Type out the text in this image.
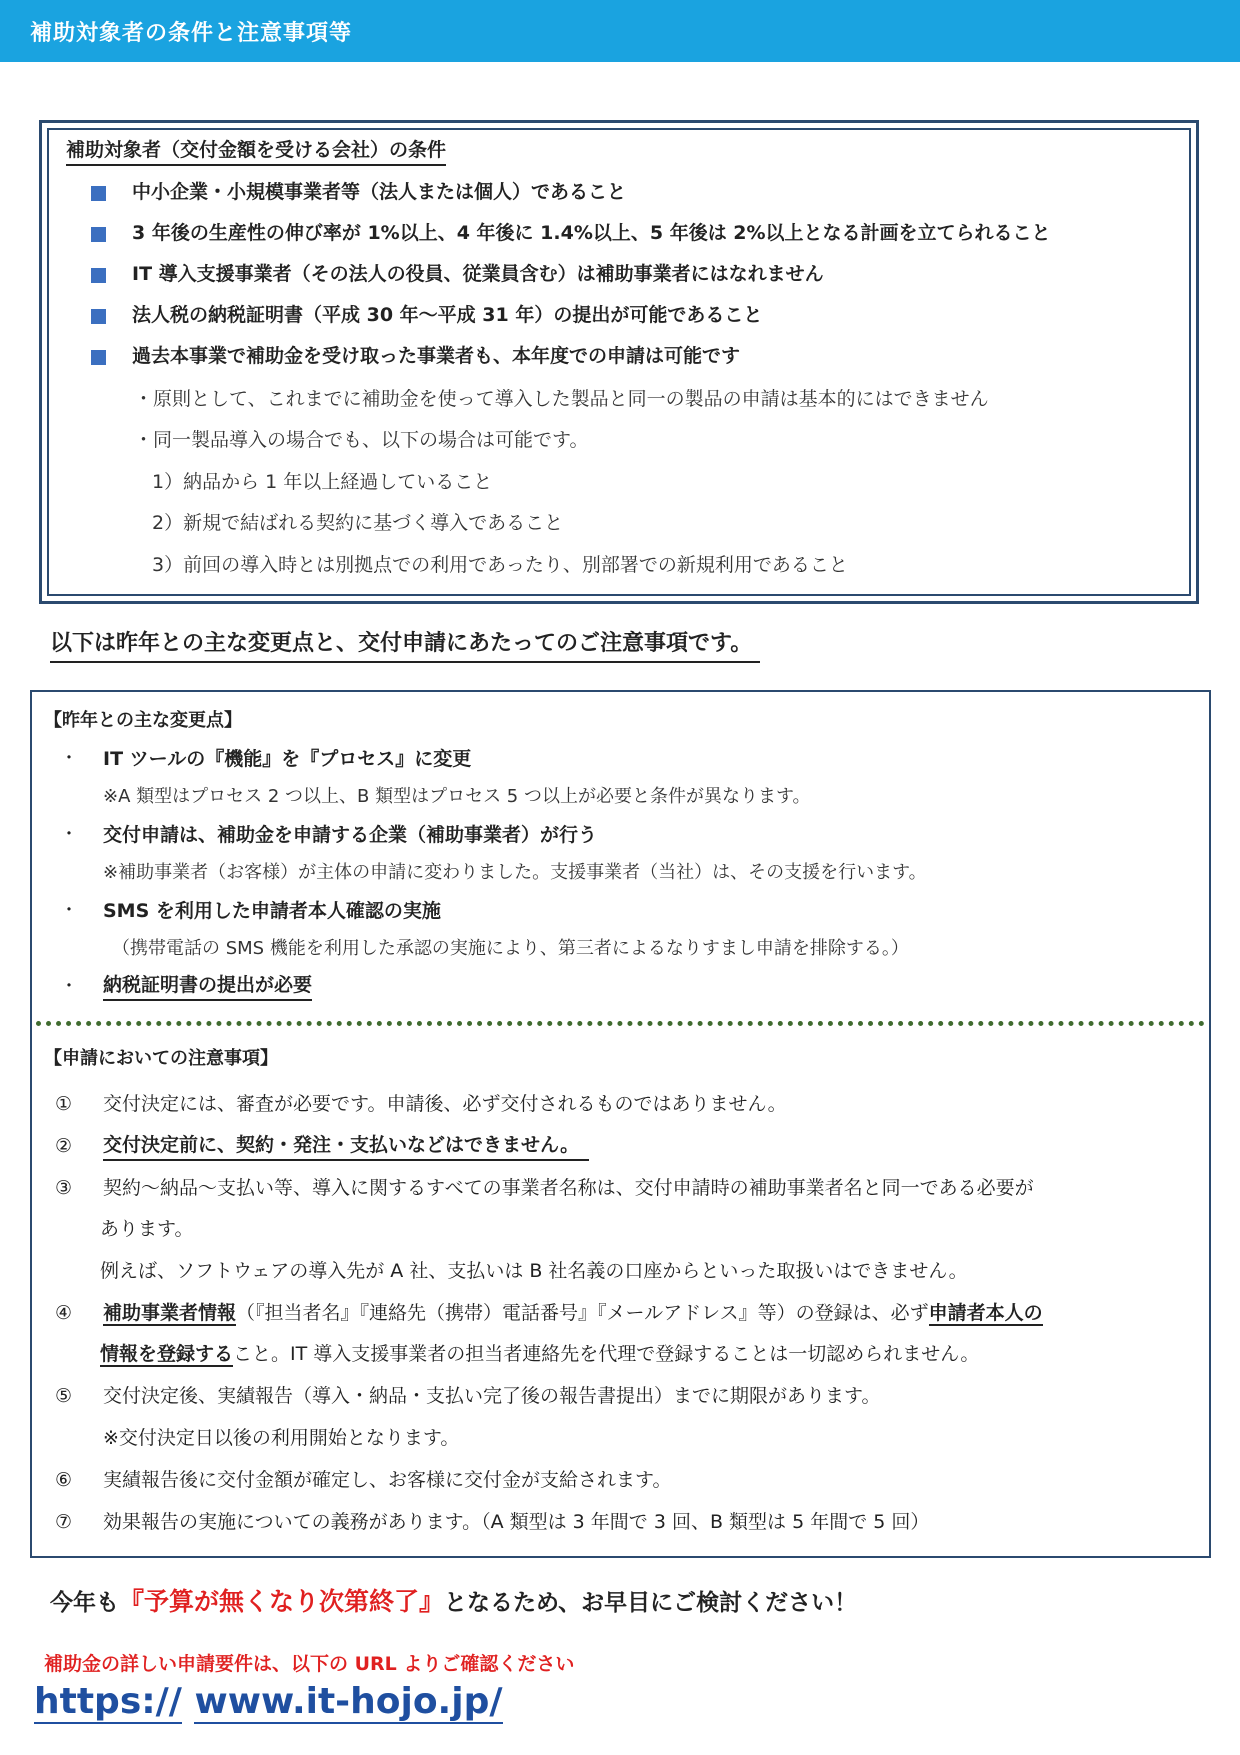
補助対象者の条件と注意事項等
補助対象者（交付金額を受ける会社）の条件
中小企業・小規模事業者等（法人または個人）であること
3 年後の生産性の伸び率が 1%以上、4 年後に 1.4%以上、5 年後は 2%以上となる計画を立てられること
IT 導入支援事業者（その法人の役員、従業員含む）は補助事業者にはなれません
法人税の納税証明書（平成 30 年〜平成 31 年）の提出が可能であること
過去本事業で補助金を受け取った事業者も、本年度での申請は可能です
・原則として、これまでに補助金を使って導入した製品と同一の製品の申請は基本的にはできません
・同一製品導入の場合でも、以下の場合は可能です。
1）納品から 1 年以上経過していること
2）新規で結ばれる契約に基づく導入であること
3）前回の導入時とは別拠点での利用であったり、別部署での新規利用であること
以下は昨年との主な変更点と、交付申請にあたってのご注意事項です。
【昨年との主な変更点】
・ IT ツールの『機能』を『プロセス』に変更
※A 類型はプロセス 2 つ以上、B 類型はプロセス 5 つ以上が必要と条件が異なります。
・ 交付申請は、補助金を申請する企業（補助事業者）が行う
※補助事業者（お客様）が主体の申請に変わりました。支援事業者（当社）は、その支援を行います。
・ SMS を利用した申請者本人確認の実施
（携帯電話の SMS 機能を利用した承認の実施により、第三者によるなりすまし申請を排除する。）
・ 納税証明書の提出が必要
【申請においての注意事項】
① 交付決定には、審査が必要です。申請後、必ず交付されるものではありません。
② 交付決定前に、契約・発注・支払いなどはできません。
③ 契約〜納品〜支払い等、導入に関するすべての事業者名称は、交付申請時の補助事業者名と同一である必要が
あります。
例えば、ソフトウェアの導入先が A 社、支払いは B 社名義の口座からといった取扱いはできません。
④ 補助事業者情報（『担当者名』『連絡先（携帯）電話番号』『メールアドレス』等）の登録は、必ず申請者本人の
情報を登録すること。IT 導入支援事業者の担当者連絡先を代理で登録することは一切認められません。
⑤ 交付決定後、実績報告（導入・納品・支払い完了後の報告書提出）までに期限があります。
※交付決定日以後の利用開始となります。
⑥ 実績報告後に交付金額が確定し、お客様に交付金が支給されます。
⑦ 効果報告の実施についての義務があります。（A 類型は 3 年間で 3 回、B 類型は 5 年間で 5 回）
今年も『予算が無くなり次第終了』となるため、お早目にご検討ください！
補助金の詳しい申請要件は、以下の URL よりご確認ください
https:// www.it-hojo.jp/
